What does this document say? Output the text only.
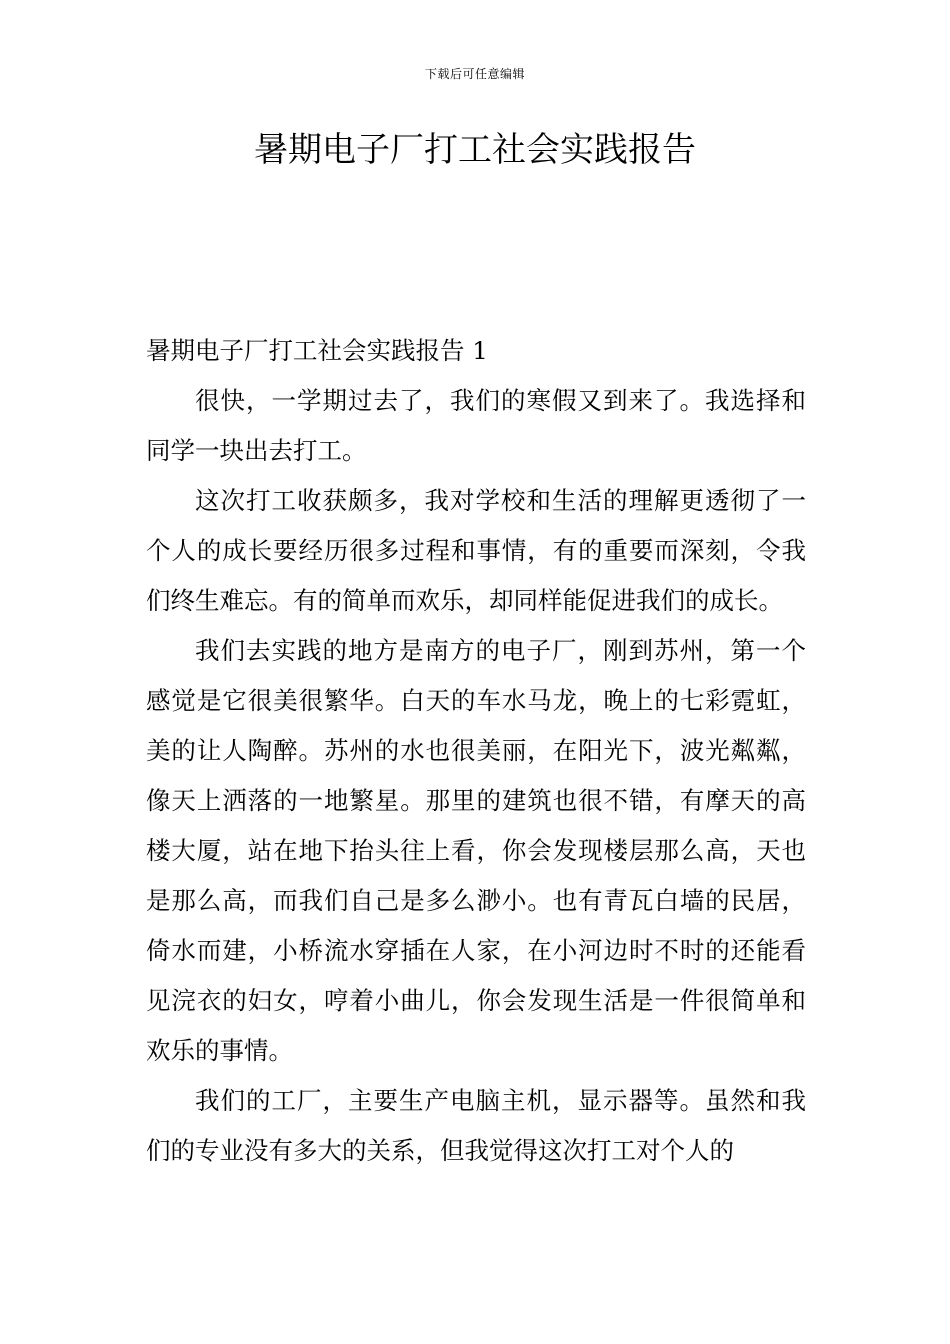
下载后可任意编辑
暑期电子厂打工社会实践报告

暑期电子厂打工社会实践报告 1

很快，一学期过去了，我们的寒假又到来了。我选择和同学一块出去打工。

这次打工收获颇多，我对学校和生活的理解更透彻了一个人的成长要经历很多过程和事情，有的重要而深刻，令我们终生难忘。有的简单而欢乐，却同样能促进我们的成长。

我们去实践的地方是南方的电子厂，刚到苏州，第一个感觉是它很美很繁华。白天的车水马龙，晚上的七彩霓虹，美的让人陶醉。苏州的水也很美丽，在阳光下，波光粼粼，像天上洒落的一地繁星。那里的建筑也很不错，有摩天的高楼大厦，站在地下抬头往上看，你会发现楼层那么高，天也是那么高，而我们自己是多么渺小。也有青瓦白墙的民居，倚水而建，小桥流水穿插在人家，在小河边时不时的还能看见浣衣的妇女，哼着小曲儿，你会发现生活是一件很简单和欢乐的事情。

我们的工厂，主要生产电脑主机，显示器等。虽然和我们的专业没有多大的关系，但我觉得这次打工对个人的
